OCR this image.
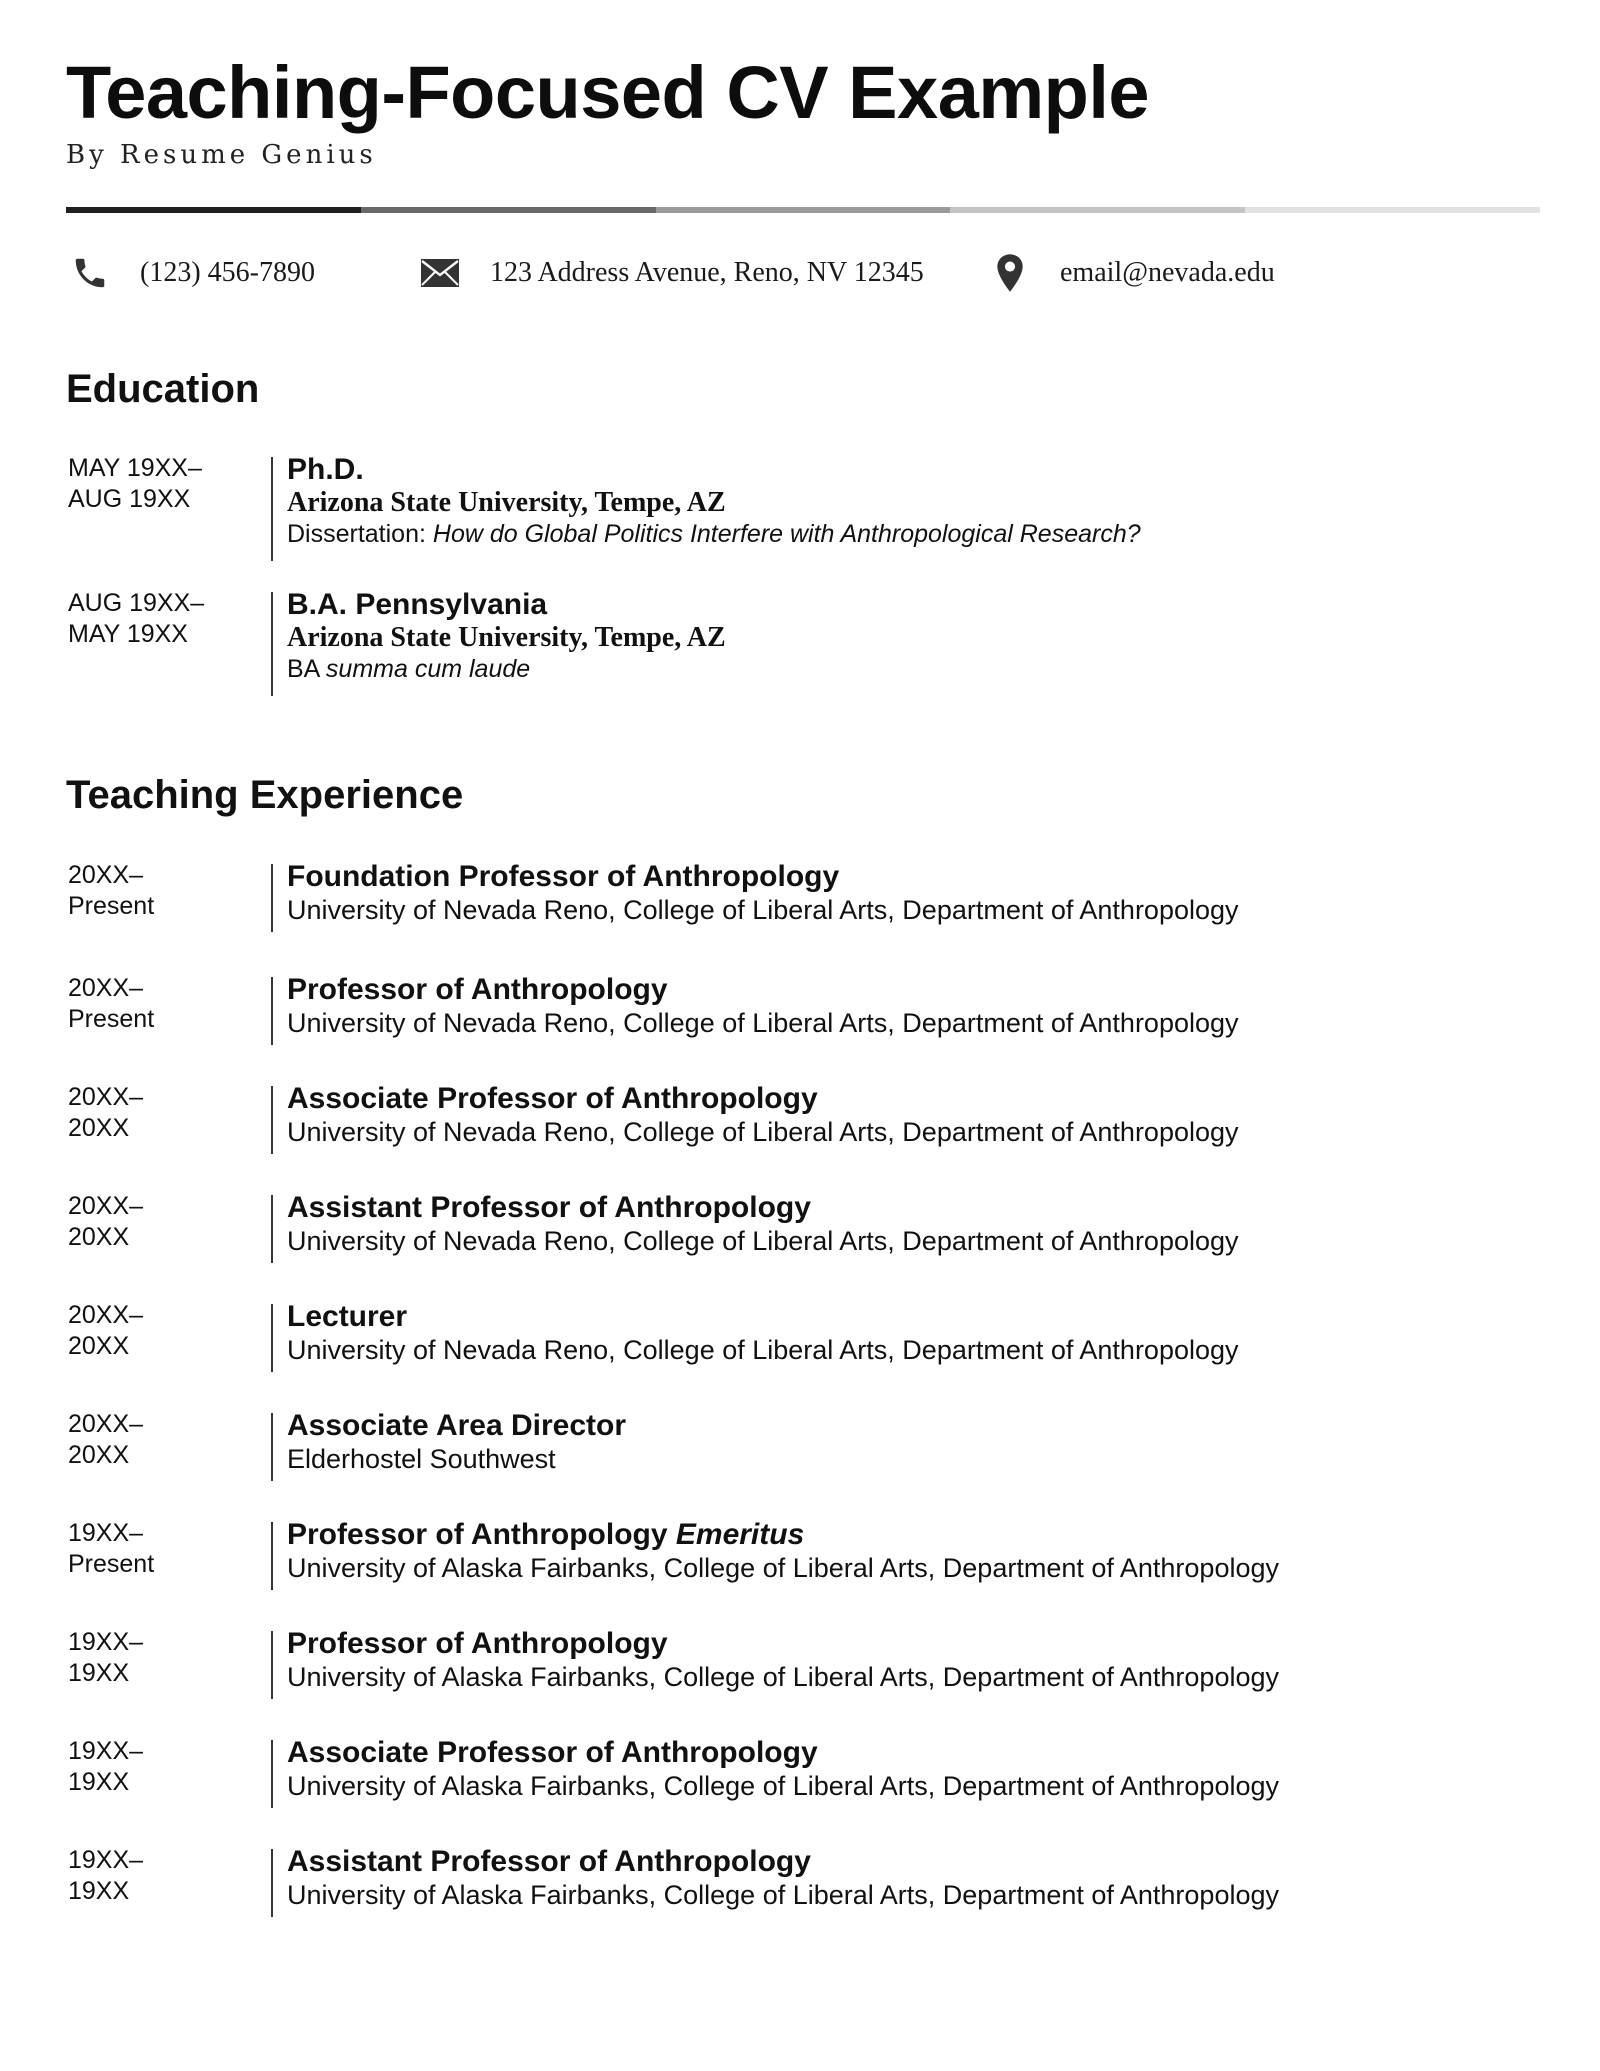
Teaching-Focused CV Example
By Resume Genius
(123) 456-7890	123 Address Avenue, Reno, NV 12345	email@nevada.edu
Education
MAY 19XX–
AUG 19XX
Ph.D.
Arizona State University, Tempe, AZ
Dissertation: How do Global Politics Interfere with Anthropological Research?
AUG 19XX–
MAY 19XX
B.A. Pennsylvania
Arizona State University, Tempe, AZ
BA summa cum laude
Teaching Experience
20XX–
Present
Foundation Professor of Anthropology
University of Nevada Reno, College of Liberal Arts, Department of Anthropology
20XX–
Present
Professor of Anthropology
University of Nevada Reno, College of Liberal Arts, Department of Anthropology
20XX–
20XX
Associate Professor of Anthropology
University of Nevada Reno, College of Liberal Arts, Department of Anthropology
20XX–
20XX
Assistant Professor of Anthropology
University of Nevada Reno, College of Liberal Arts, Department of Anthropology
20XX–
20XX
Lecturer
University of Nevada Reno, College of Liberal Arts, Department of Anthropology
20XX–
20XX
Associate Area Director
Elderhostel Southwest
19XX–
Present
Professor of Anthropology Emeritus
University of Alaska Fairbanks, College of Liberal Arts, Department of Anthropology
19XX–
19XX
Professor of Anthropology
University of Alaska Fairbanks, College of Liberal Arts, Department of Anthropology
19XX–
19XX
Associate Professor of Anthropology
University of Alaska Fairbanks, College of Liberal Arts, Department of Anthropology
19XX–
19XX
Assistant Professor of Anthropology
University of Alaska Fairbanks, College of Liberal Arts, Department of Anthropology
